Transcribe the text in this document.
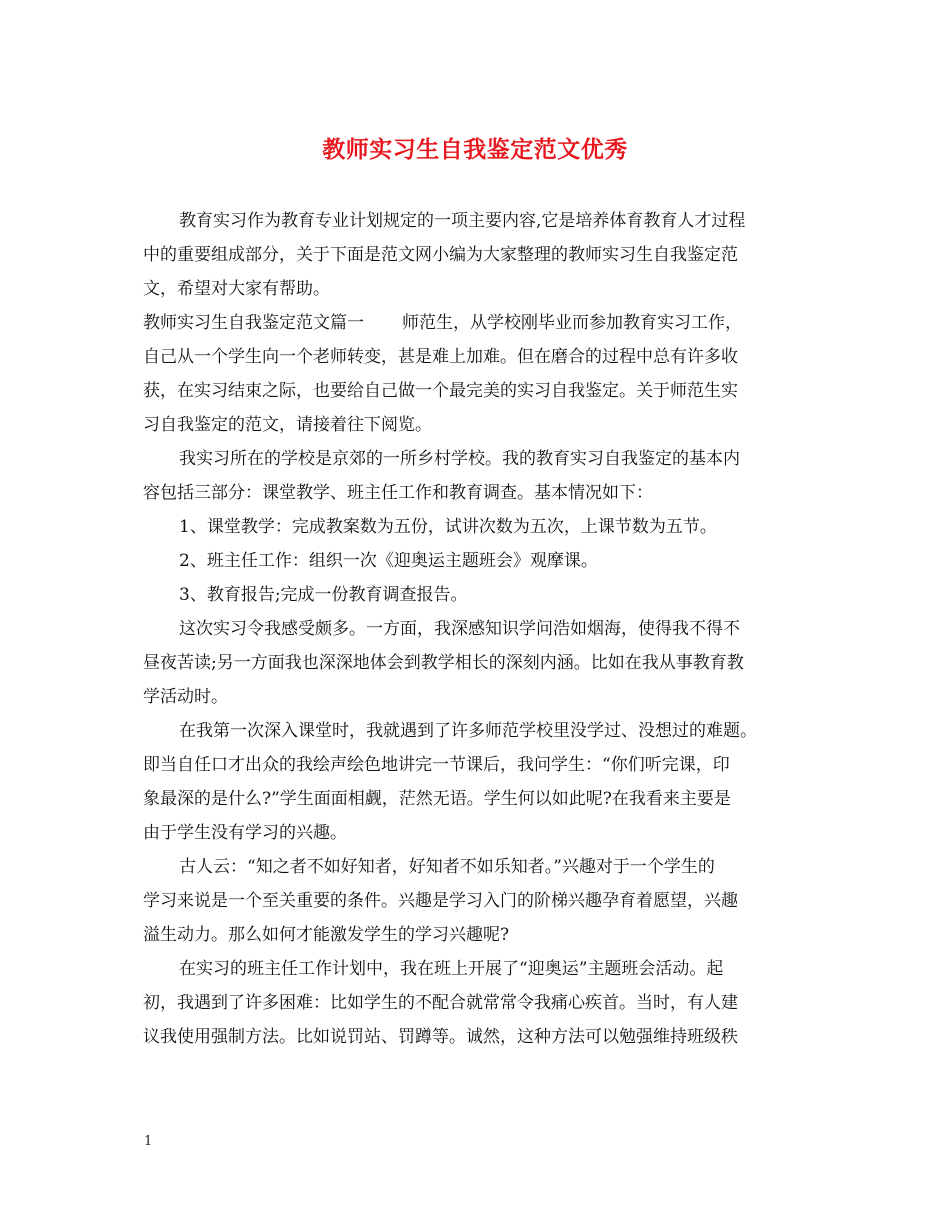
教师实习生自我鉴定范文优秀
教育实习作为教育专业计划规定的一项主要内容,它是培养体育教育人才过程
中的重要组成部分，关于下面是范文网小编为大家整理的教师实习生自我鉴定范
文，希望对大家有帮助。
教师实习生自我鉴定范文篇一 师范生，从学校刚毕业而参加教育实习工作，
自己从一个学生向一个老师转变，甚是难上加难。但在磨合的过程中总有许多收
获，在实习结束之际，也要给自己做一个最完美的实习自我鉴定。关于师范生实
习自我鉴定的范文，请接着往下阅览。
我实习所在的学校是京郊的一所乡村学校。我的教育实习自我鉴定的基本内
容包括三部分：课堂教学、班主任工作和教育调查。基本情况如下：
1、课堂教学：完成教案数为五份，试讲次数为五次，上课节数为五节。
2、班主任工作：组织一次《迎奥运主题班会》观摩课。
3、教育报告;完成一份教育调查报告。
这次实习令我感受颇多。一方面，我深感知识学问浩如烟海，使得我不得不
昼夜苦读;另一方面我也深深地体会到教学相长的深刻内涵。比如在我从事教育教
学活动时。
在我第一次深入课堂时，我就遇到了许多师范学校里没学过、没想过的难题。
即当自任口才出众的我绘声绘色地讲完一节课后，我问学生：“你们听完课，印
象最深的是什么?”学生面面相觑，茫然无语。学生何以如此呢?在我看来主要是
由于学生没有学习的兴趣。
古人云：“知之者不如好知者，好知者不如乐知者。”兴趣对于一个学生的
学习来说是一个至关重要的条件。兴趣是学习入门的阶梯兴趣孕育着愿望，兴趣
溢生动力。那么如何才能激发学生的学习兴趣呢?
在实习的班主任工作计划中，我在班上开展了“迎奥运”主题班会活动。起
初，我遇到了许多困难：比如学生的不配合就常常令我痛心疾首。当时，有人建
议我使用强制方法。比如说罚站、罚蹲等。诚然，这种方法可以勉强维持班级秩
1
